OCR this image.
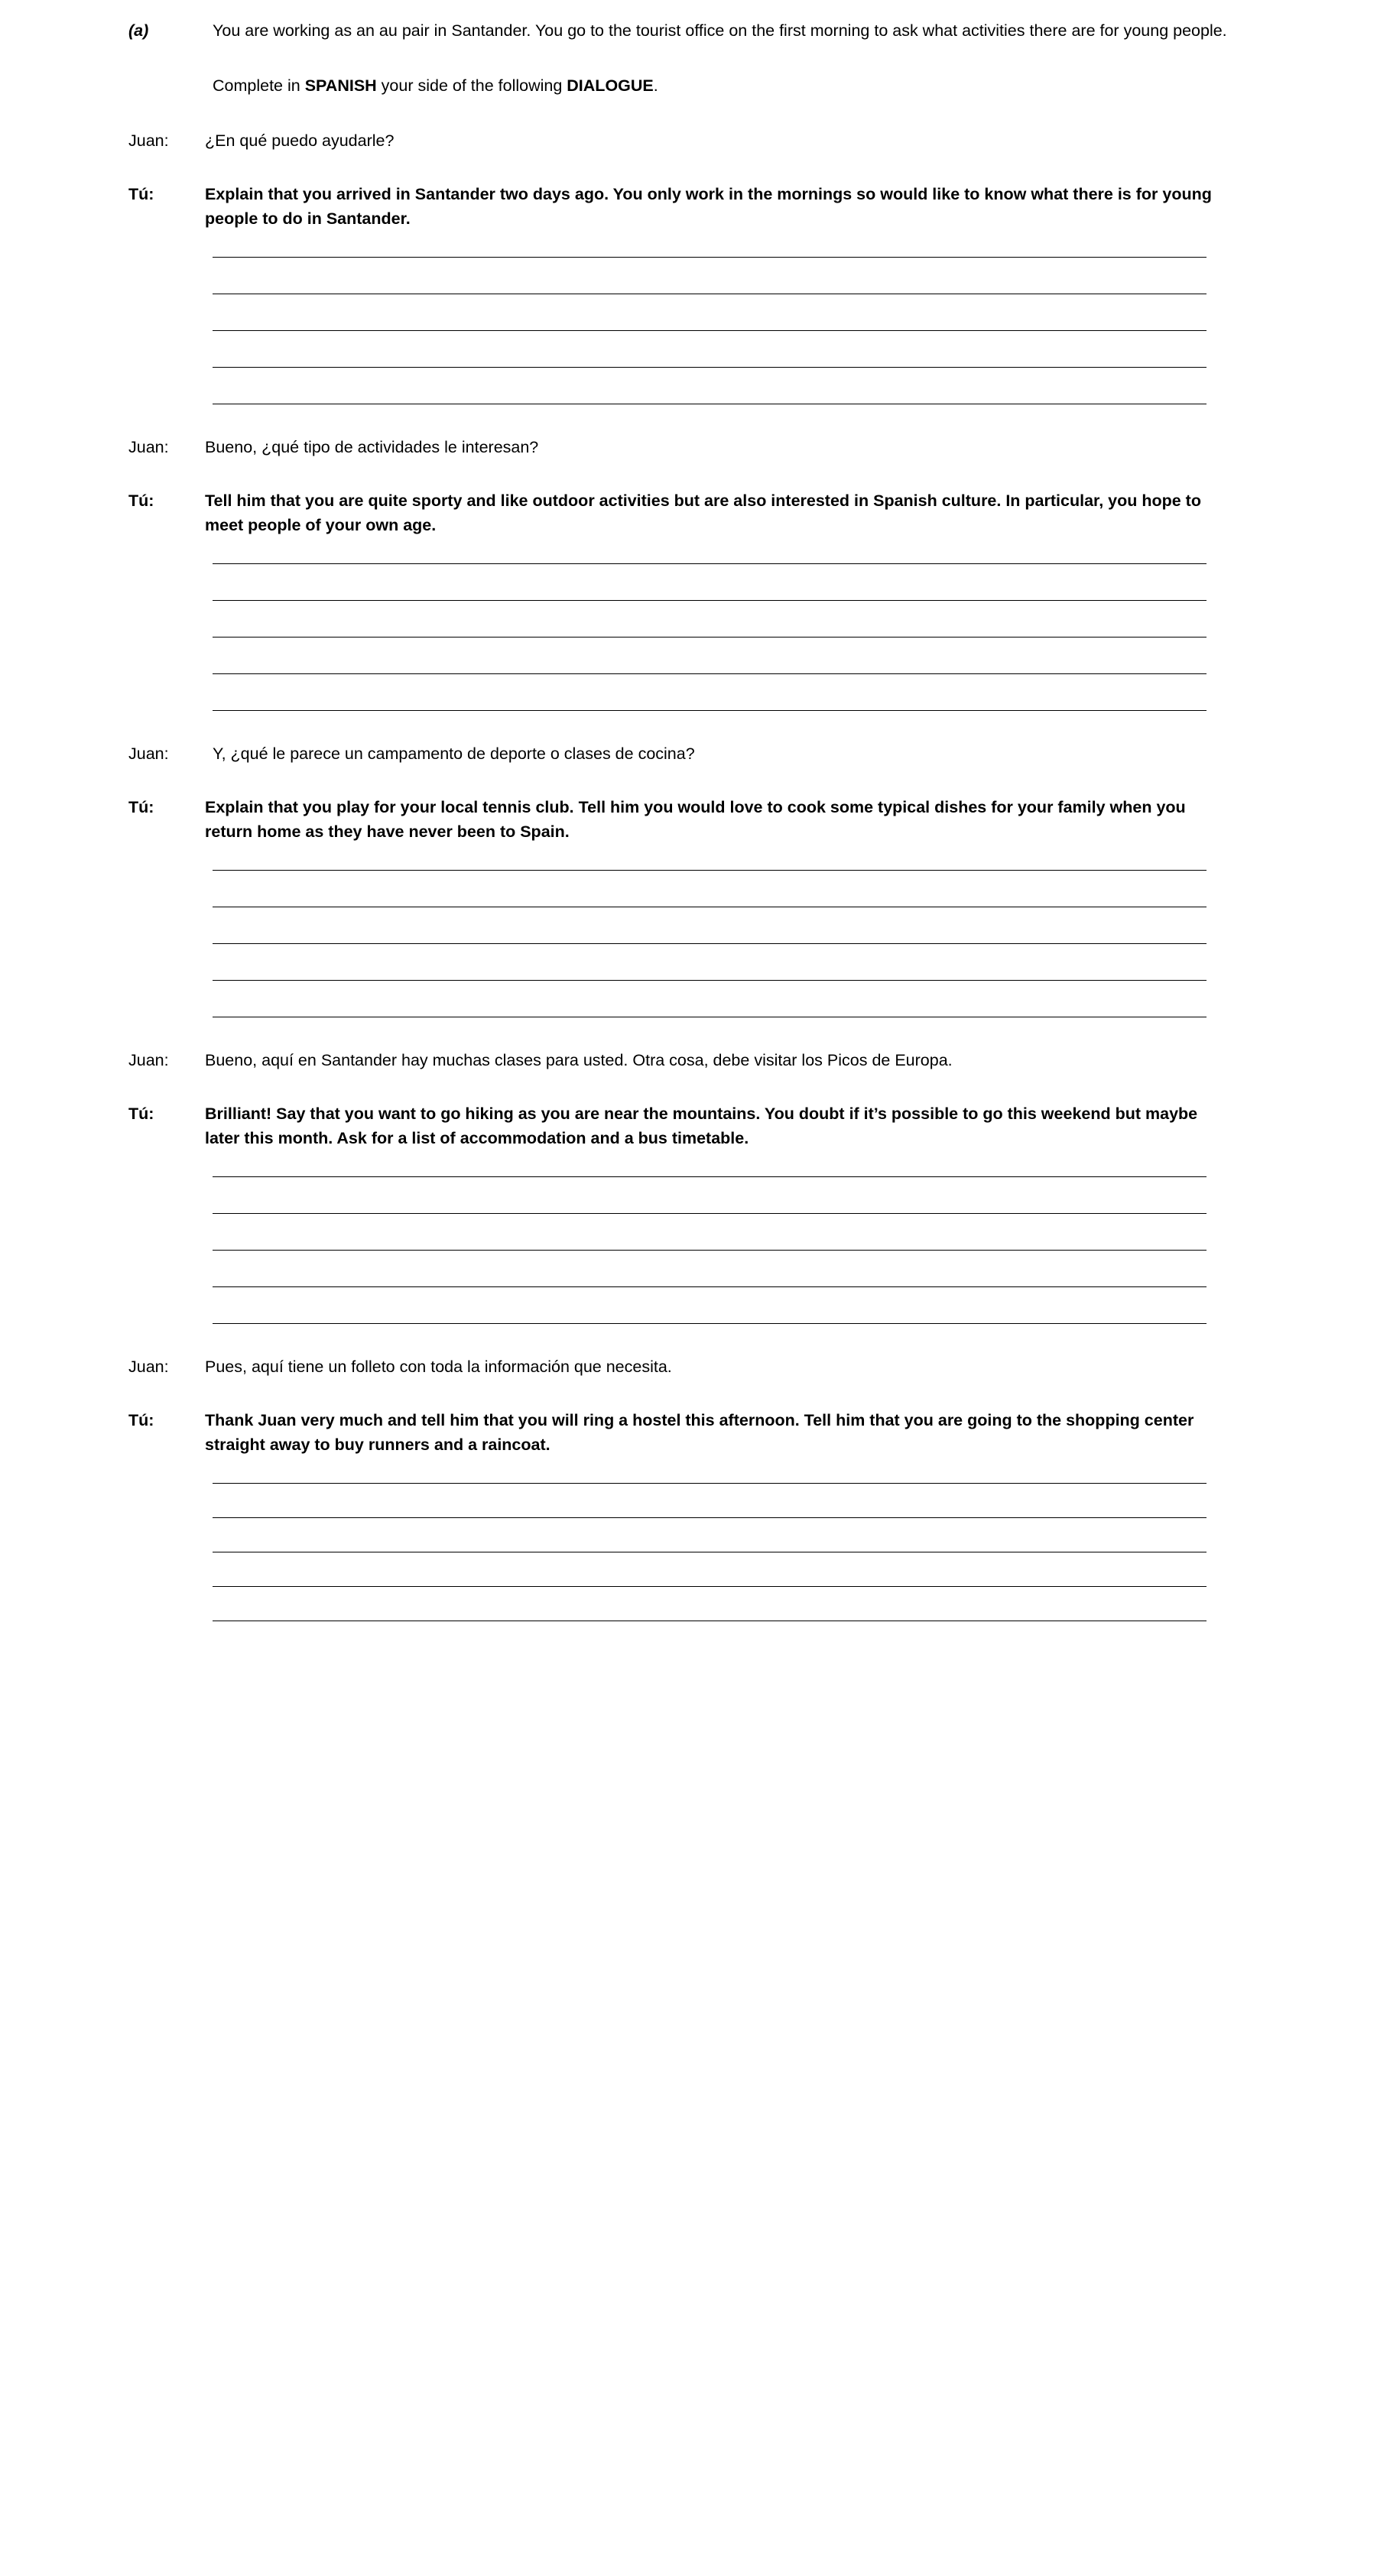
(a)	You are working as an au pair in Santander. You go to the tourist office on the first morning to ask what activities there are for young people.
Complete in SPANISH your side of the following DIALOGUE.
Juan:	¿En qué puedo ayudarle?
Tú:	Explain that you arrived in Santander two days ago. You only work in the mornings so would like to know what there is for young people to do in Santander.
Juan:	Bueno, ¿qué tipo de actividades le interesan?
Tú:	Tell him that you are quite sporty and like outdoor activities but are also interested in Spanish culture. In particular, you hope to meet people of your own age.
Juan:	Y, ¿qué le parece un campamento de deporte o clases de cocina?
Tú:	Explain that you play for your local tennis club. Tell him you would love to cook some typical dishes for your family when you return home as they have never been to Spain.
Juan:	Bueno, aquí en Santander hay muchas clases para usted. Otra cosa, debe visitar los Picos de Europa.
Tú:	Brilliant! Say that you want to go hiking as you are near the mountains. You doubt if it’s possible to go this weekend but maybe later this month. Ask for a list of accommodation and a bus timetable.
Juan:	Pues, aquí tiene un folleto con toda la información que necesita.
Tú:	Thank Juan very much and tell him that you will ring a hostel this afternoon. Tell him that you are going to the shopping center straight away to buy runners and a raincoat.
